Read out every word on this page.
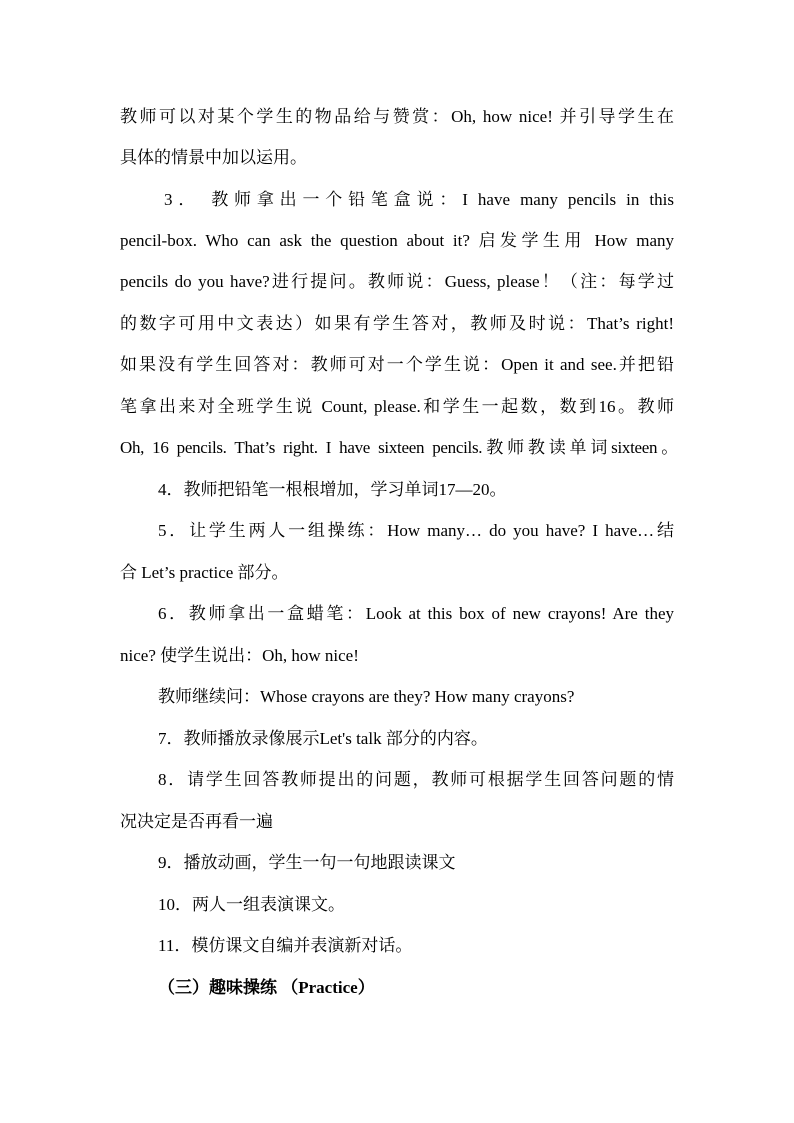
教师可以对某个学生的物品给与赞赏：Oh, how nice! 并引导学生在
具体的情景中加以运用。
3． 教师拿出一个铅笔盒说：I have many pencils in this
pencil-box. Who can ask the question about it? 启发学生用 How many
pencils do you have?进行提问。教师说：Guess, please！（注：每学过
的数字可用中文表达）如果有学生答对，教师及时说：That’s right!
如果没有学生回答对：教师可对一个学生说：Open it and see.并把铅
笔拿出来对全班学生说 Count, please.和学生一起数，数到16。教师
Oh, 16 pencils. That’s right. I have sixteen pencils.教师教读单词sixteen。
4．教师把铅笔一根根增加，学习单词17—20。
5．让学生两人一组操练：How many… do you have? I have…结
合 Let’s practice 部分。
6．教师拿出一盒蜡笔：Look at this box of new crayons! Are they
nice? 使学生说出：Oh, how nice!
教师继续问：Whose crayons are they? How many crayons?
7．教师播放录像展示Let's talk 部分的内容。
8．请学生回答教师提出的问题，教师可根据学生回答问题的情
况决定是否再看一遍
9．播放动画，学生一句一句地跟读课文
10．两人一组表演课文。
11．模仿课文自编并表演新对话。
（三）趣味操练 （Practice）
